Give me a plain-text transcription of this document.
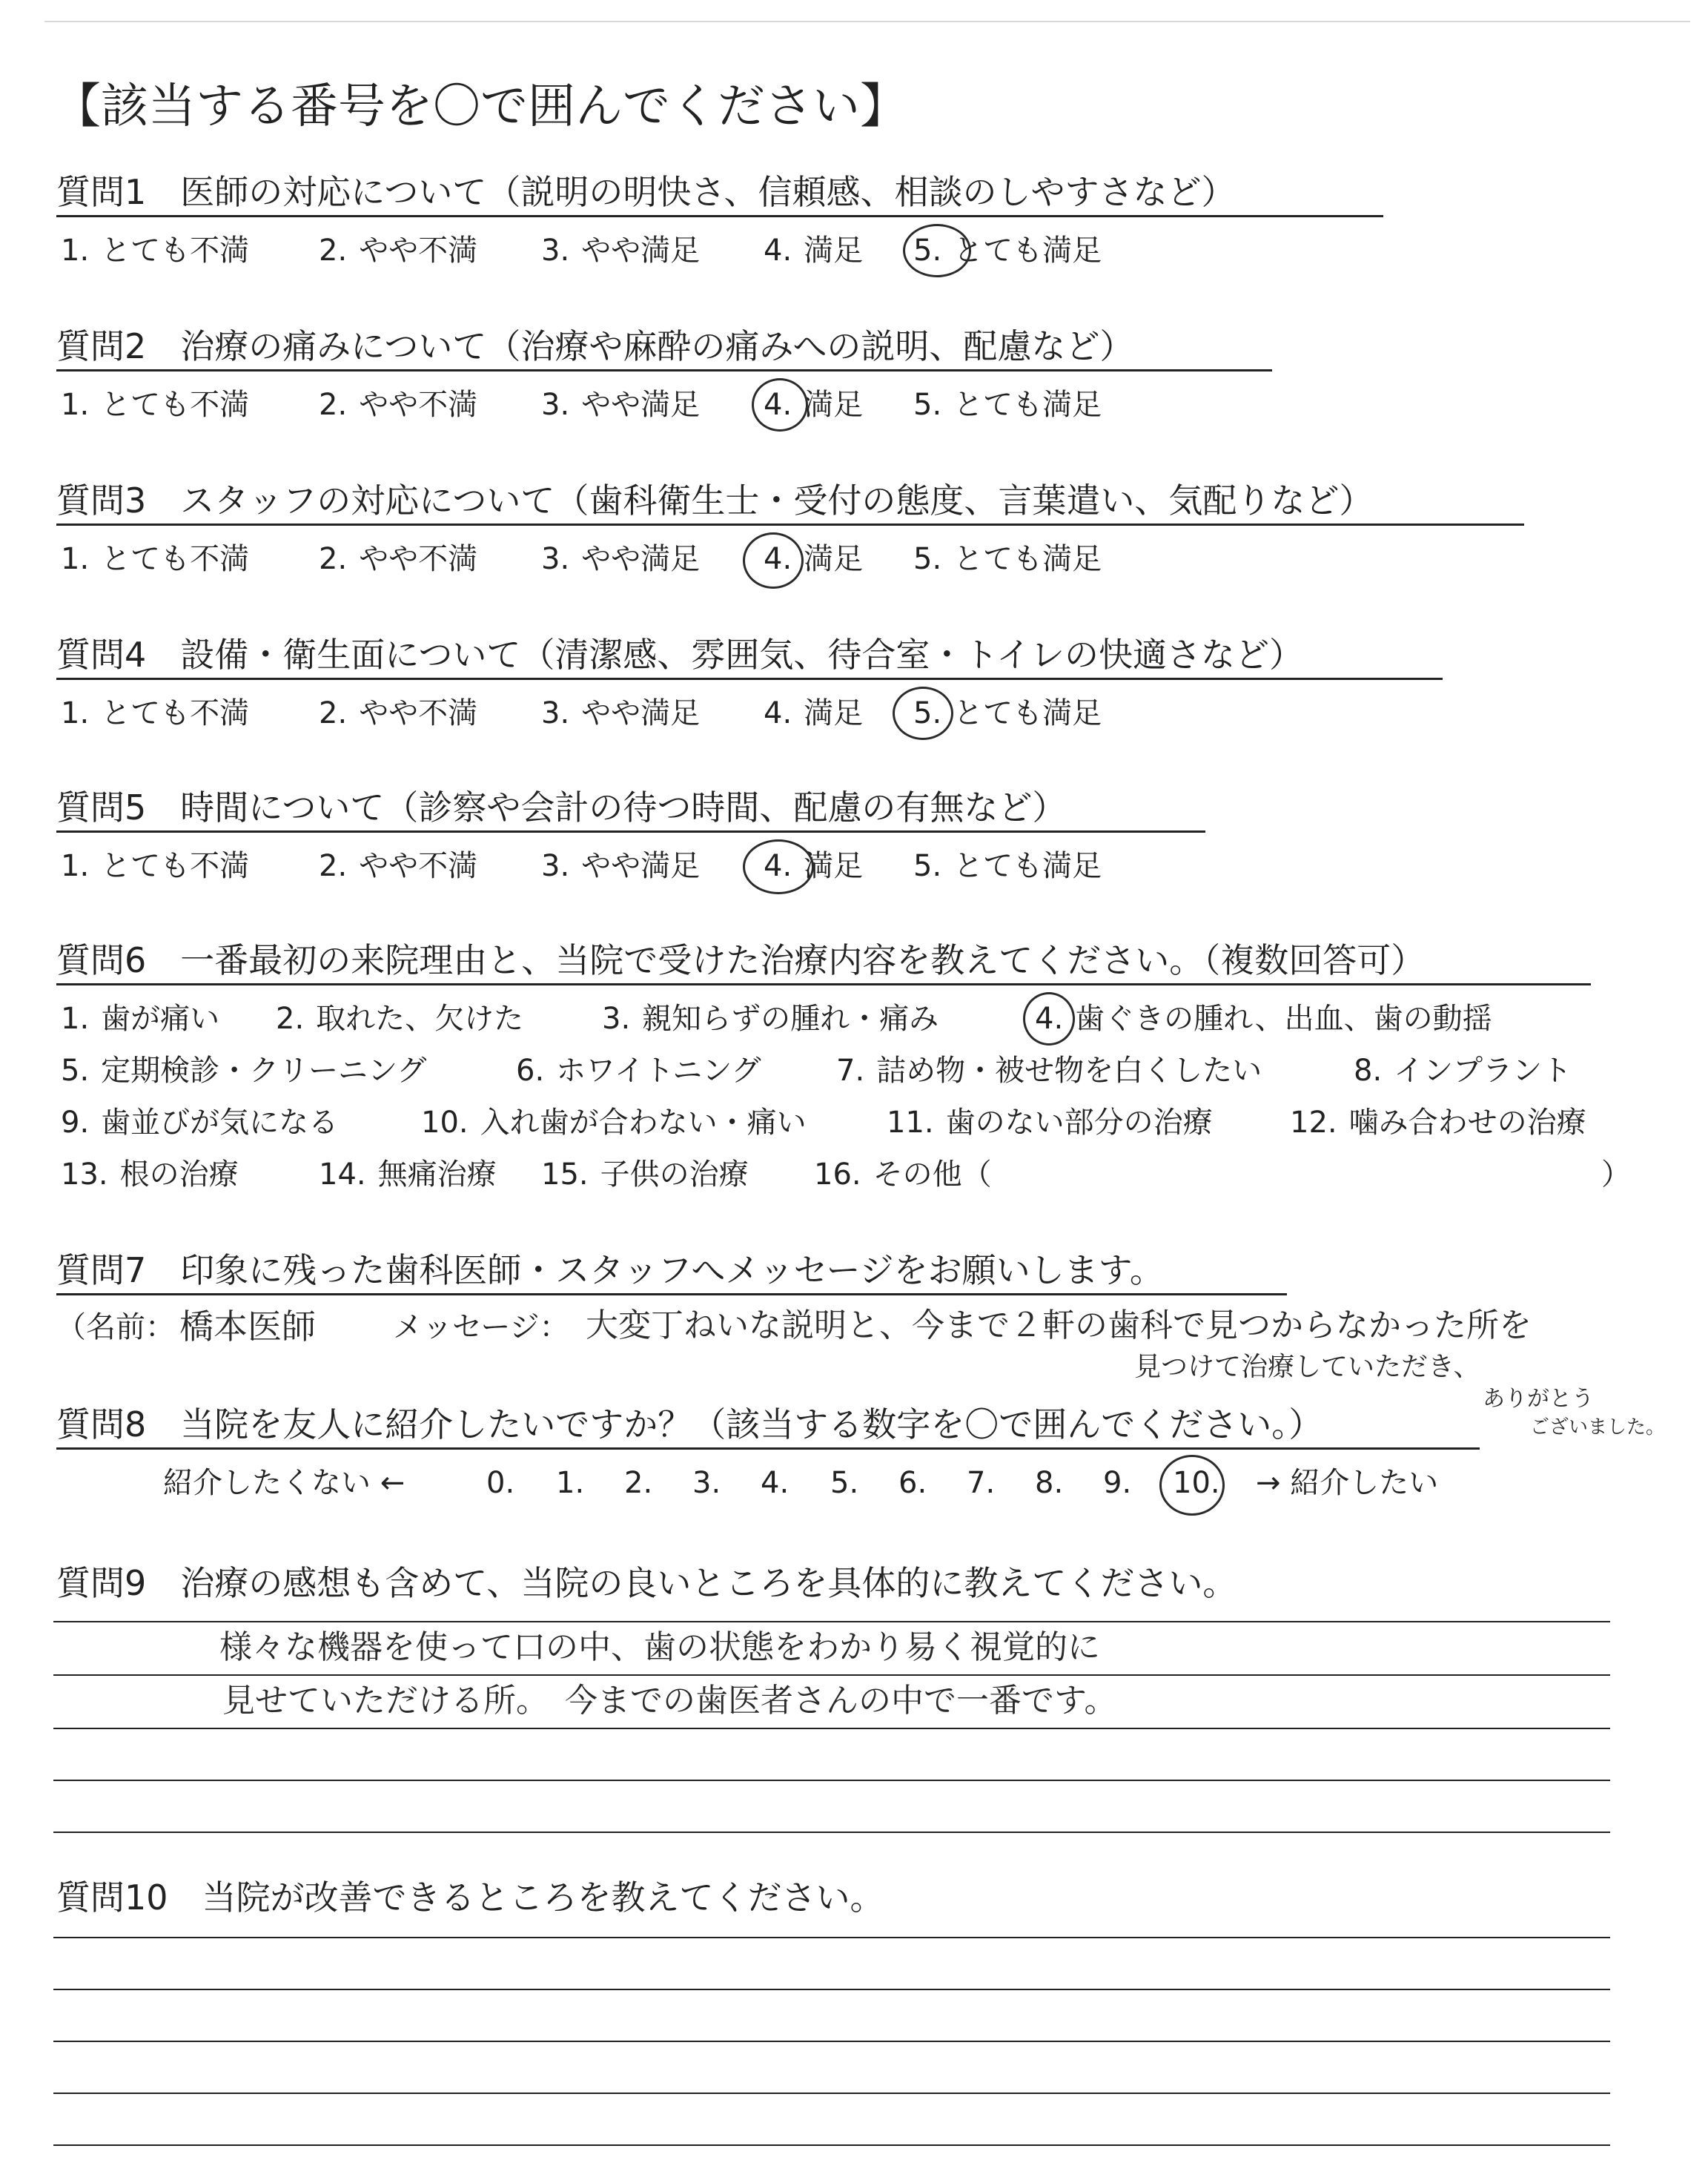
【該当する番号を〇で囲んでください】
質問1　医師の対応について（説明の明快さ、信頼感、相談のしやすさなど）
1. とても不満 2. やや不満 3. やや満足 4. 満足 5. とても満足
質問2　治療の痛みについて（治療や麻酔の痛みへの説明、配慮など）
1. とても不満 2. やや不満 3. やや満足 4. 満足 5. とても満足
質問3　スタッフの対応について（歯科衛生士・受付の態度、言葉遣い、気配りなど）
1. とても不満 2. やや不満 3. やや満足 4. 満足 5. とても満足
質問4　設備・衛生面について（清潔感、雰囲気、待合室・トイレの快適さなど）
1. とても不満 2. やや不満 3. やや満足 4. 満足 5. とても満足
質問5　時間について（診察や会計の待つ時間、配慮の有無など）
1. とても不満 2. やや不満 3. やや満足 4. 満足 5. とても満足
質問6　一番最初の来院理由と、当院で受けた治療内容を教えてください。（複数回答可）
1. 歯が痛い 2. 取れた、欠けた	3. 親知らずの腫れ・痛み	4. 歯ぐきの腫れ、出血、歯の動揺
5. 定期検診・クリーニング	6. ホワイトニング	7. 詰め物・被せ物を白くしたい	8. インプラント
9. 歯並びが気になる	10. 入れ歯が合わない・痛い	11. 歯のない部分の治療	12. 噛み合わせの治療
13. 根の治療	14. 無痛治療 15. 子供の治療 16. その他（	）
質問7　印象に残った歯科医師・スタッフへメッセージをお願いします。
（名前： 橋本医師	メッセージ： 大変丁ねいな説明と、今まで２軒の歯科で見つからなかった所を
見つけて治療していただき、
ありがとう
ございました。
質問8　当院を友人に紹介したいですか？（該当する数字を〇で囲んでください。）
紹介したくない ←	0. 1. 2. 3. 4. 5. 6. 7. 8. 9. 10. → 紹介したい
質問9　治療の感想も含めて、当院の良いところを具体的に教えてください。
様々な機器を使って口の中、歯の状態をわかり易く視覚的に
見せていただける所。　今までの歯医者さんの中で一番です。
質問10　当院が改善できるところを教えてください。
